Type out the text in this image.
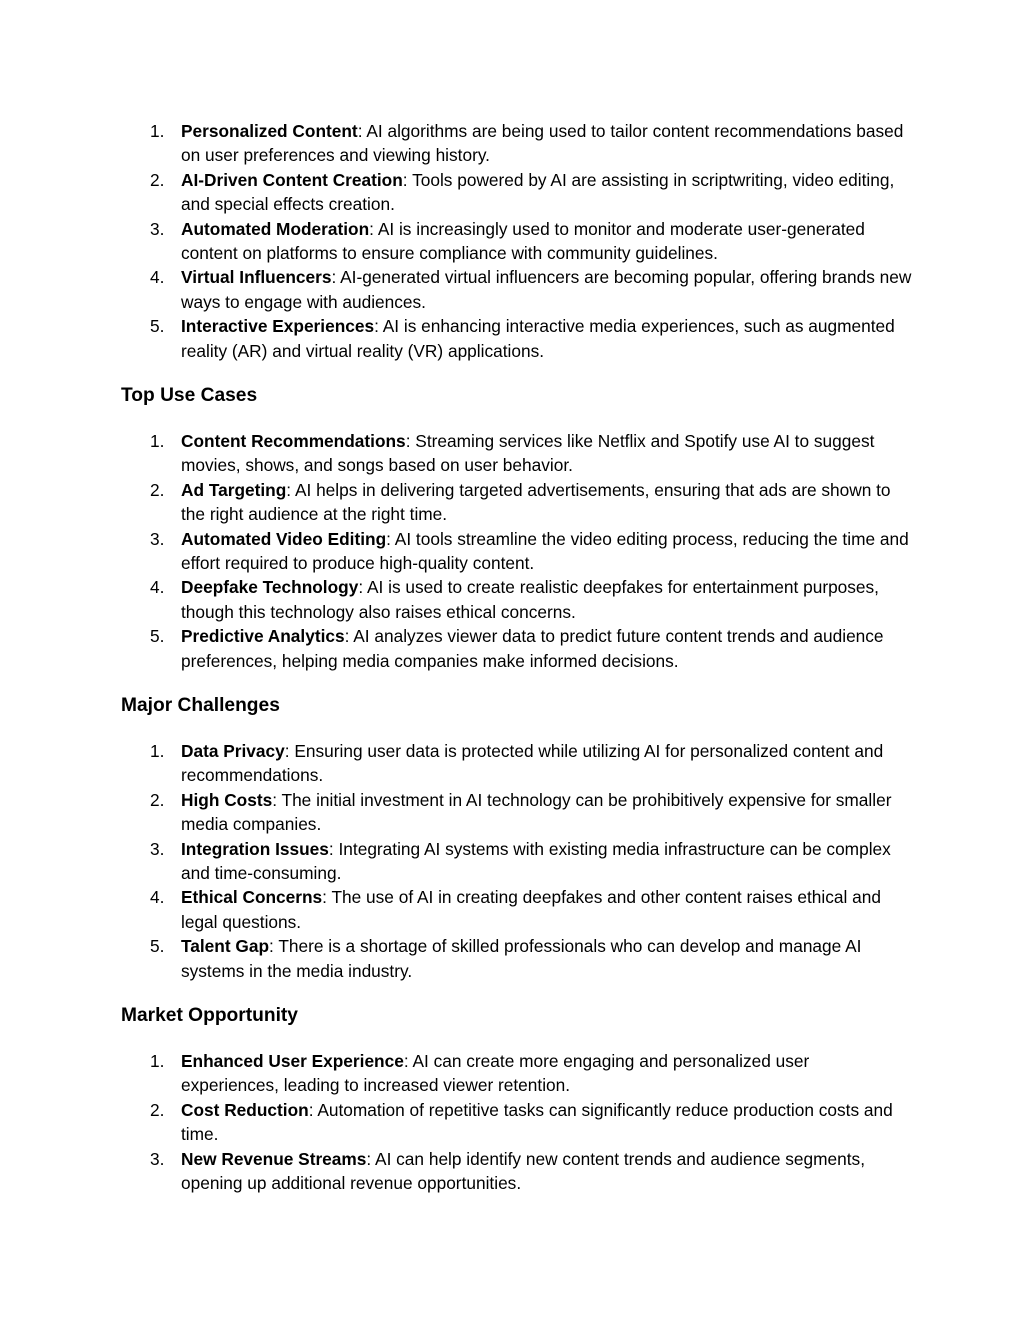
1. Personalized Content: AI algorithms are being used to tailor content recommendations based on user preferences and viewing history.
2. AI-Driven Content Creation: Tools powered by AI are assisting in scriptwriting, video editing, and special effects creation.
3. Automated Moderation: AI is increasingly used to monitor and moderate user-generated content on platforms to ensure compliance with community guidelines.
4. Virtual Influencers: AI-generated virtual influencers are becoming popular, offering brands new ways to engage with audiences.
5. Interactive Experiences: AI is enhancing interactive media experiences, such as augmented reality (AR) and virtual reality (VR) applications.
Top Use Cases
1. Content Recommendations: Streaming services like Netflix and Spotify use AI to suggest movies, shows, and songs based on user behavior.
2. Ad Targeting: AI helps in delivering targeted advertisements, ensuring that ads are shown to the right audience at the right time.
3. Automated Video Editing: AI tools streamline the video editing process, reducing the time and effort required to produce high-quality content.
4. Deepfake Technology: AI is used to create realistic deepfakes for entertainment purposes, though this technology also raises ethical concerns.
5. Predictive Analytics: AI analyzes viewer data to predict future content trends and audience preferences, helping media companies make informed decisions.
Major Challenges
1. Data Privacy: Ensuring user data is protected while utilizing AI for personalized content and recommendations.
2. High Costs: The initial investment in AI technology can be prohibitively expensive for smaller media companies.
3. Integration Issues: Integrating AI systems with existing media infrastructure can be complex and time-consuming.
4. Ethical Concerns: The use of AI in creating deepfakes and other content raises ethical and legal questions.
5. Talent Gap: There is a shortage of skilled professionals who can develop and manage AI systems in the media industry.
Market Opportunity
1. Enhanced User Experience: AI can create more engaging and personalized user experiences, leading to increased viewer retention.
2. Cost Reduction: Automation of repetitive tasks can significantly reduce production costs and time.
3. New Revenue Streams: AI can help identify new content trends and audience segments, opening up additional revenue opportunities.
